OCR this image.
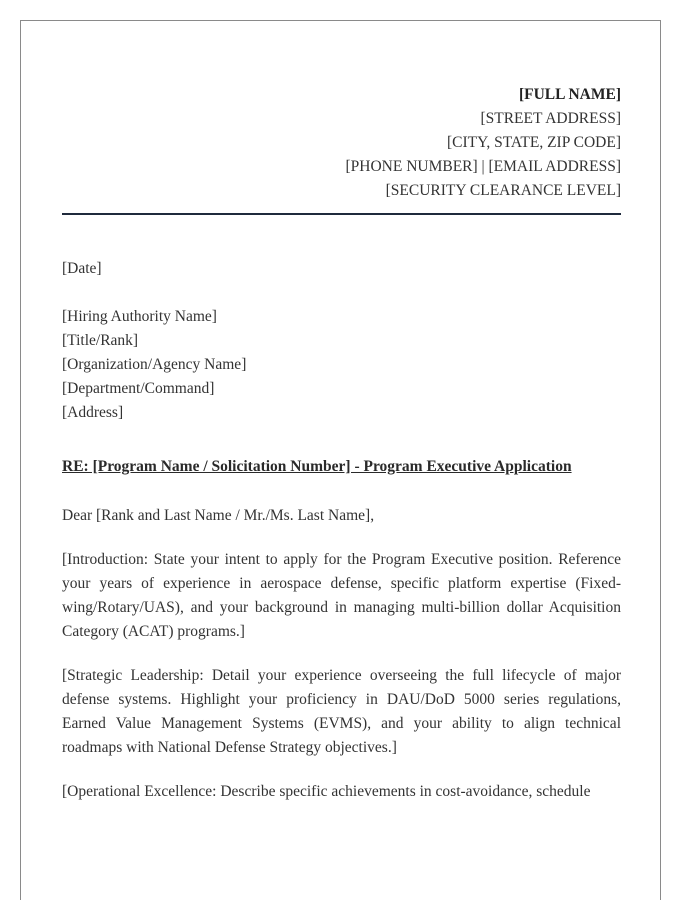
[FULL NAME]
[STREET ADDRESS]
[CITY, STATE, ZIP CODE]
[PHONE NUMBER] | [EMAIL ADDRESS]
[SECURITY CLEARANCE LEVEL]
[Date]
[Hiring Authority Name]
[Title/Rank]
[Organization/Agency Name]
[Department/Command]
[Address]
RE: [Program Name / Solicitation Number] - Program Executive Application
Dear [Rank and Last Name / Mr./Ms. Last Name],
[Introduction: State your intent to apply for the Program Executive position. Reference your years of experience in aerospace defense, specific platform expertise (Fixed-wing/Rotary/UAS), and your background in managing multi-billion dollar Acquisition Category (ACAT) programs.]
[Strategic Leadership: Detail your experience overseeing the full lifecycle of major defense systems. Highlight your proficiency in DAU/DoD 5000 series regulations, Earned Value Management Systems (EVMS), and your ability to align technical roadmaps with National Defense Strategy objectives.]
[Operational Excellence: Describe specific achievements in cost-avoidance, schedule
